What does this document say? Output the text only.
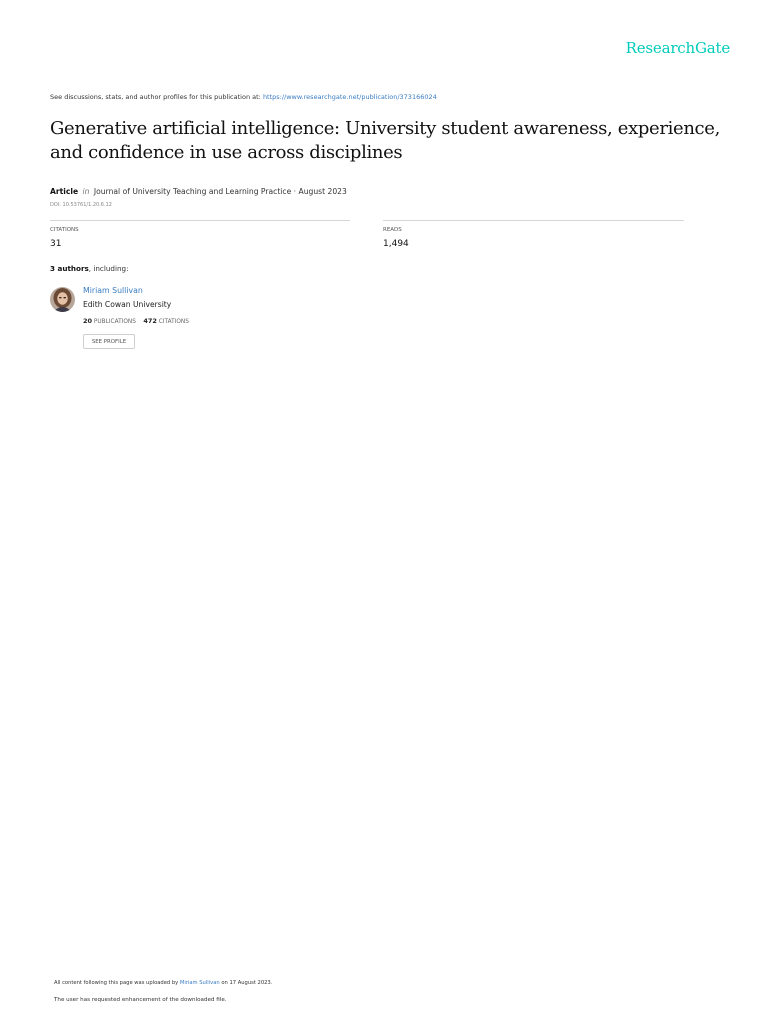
ResearchGate
See discussions, stats, and author profiles for this publication at: https://www.researchgate.net/publication/373166024
Generative artificial intelligence: University student awareness, experience, and confidence in use across disciplines
Article in Journal of University Teaching and Learning Practice · August 2023
DOI: 10.53761/1.20.6.12
CITATIONS
31
READS
1,494
3 authors, including:
Miriam Sullivan
Edith Cowan University
20 PUBLICATIONS 472 CITATIONS
SEE PROFILE
All content following this page was uploaded by Miriam Sullivan on 17 August 2023.
The user has requested enhancement of the downloaded file.
